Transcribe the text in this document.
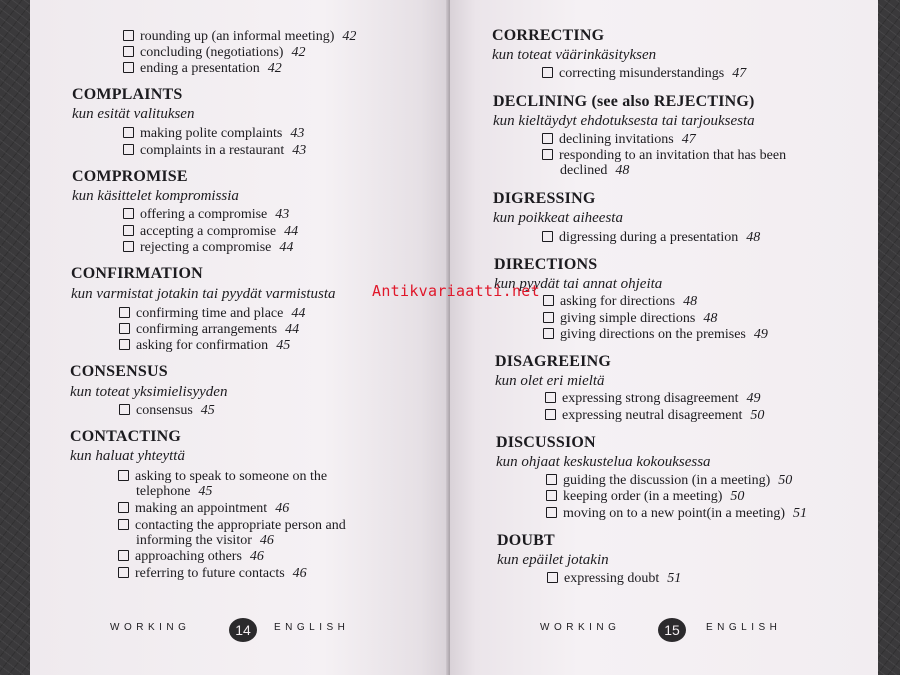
rounding up (an informal meeting) 42

concluding (negotiations) 42

ending a presentation 42

COMPLAINTS

kun esität valituksen

making polite complaints 43

complaints in a restaurant 43

COMPROMISE

kun käsittelet kompromissia

offering a compromise 43

accepting a compromise 44

rejecting a compromise 44

CONFIRMATION

kun varmistat jotakin tai pyydät varmistusta

confirming time and place 44

confirming arrangements 44

asking for confirmation 45

CONSENSUS

kun toteat yksimielisyyden

consensus 45

CONTACTING

kun haluat yhteyttä

asking to speak to someone on the

telephone 45

making an appointment 46

contacting the appropriate person and

informing the visitor 46

approaching others 46

referring to future contacts 46

WORKING	14	ENGLISH
CORRECTING

kun toteat väärinkäsityksen

correcting misunderstandings 47

DECLINING (see also REJECTING)

kun kieltäydyt ehdotuksesta tai tarjouksesta

declining invitations 47

responding to an invitation that has been

declined 48

DIGRESSING

kun poikkeat aiheesta

digressing during a presentation 48

DIRECTIONS

kun pyydät tai annat ohjeita

asking for directions 48

giving simple directions 48

giving directions on the premises 49

DISAGREEING

kun olet eri mieltä

expressing strong disagreement 49

expressing neutral disagreement 50

DISCUSSION

kun ohjaat keskustelua kokouksessa

guiding the discussion (in a meeting) 50

keeping order (in a meeting) 50

moving on to a new point(in a meeting) 51

DOUBT

kun epäilet jotakin

expressing doubt 51

WORKING	15	ENGLISH
Antikvariaatti.net
